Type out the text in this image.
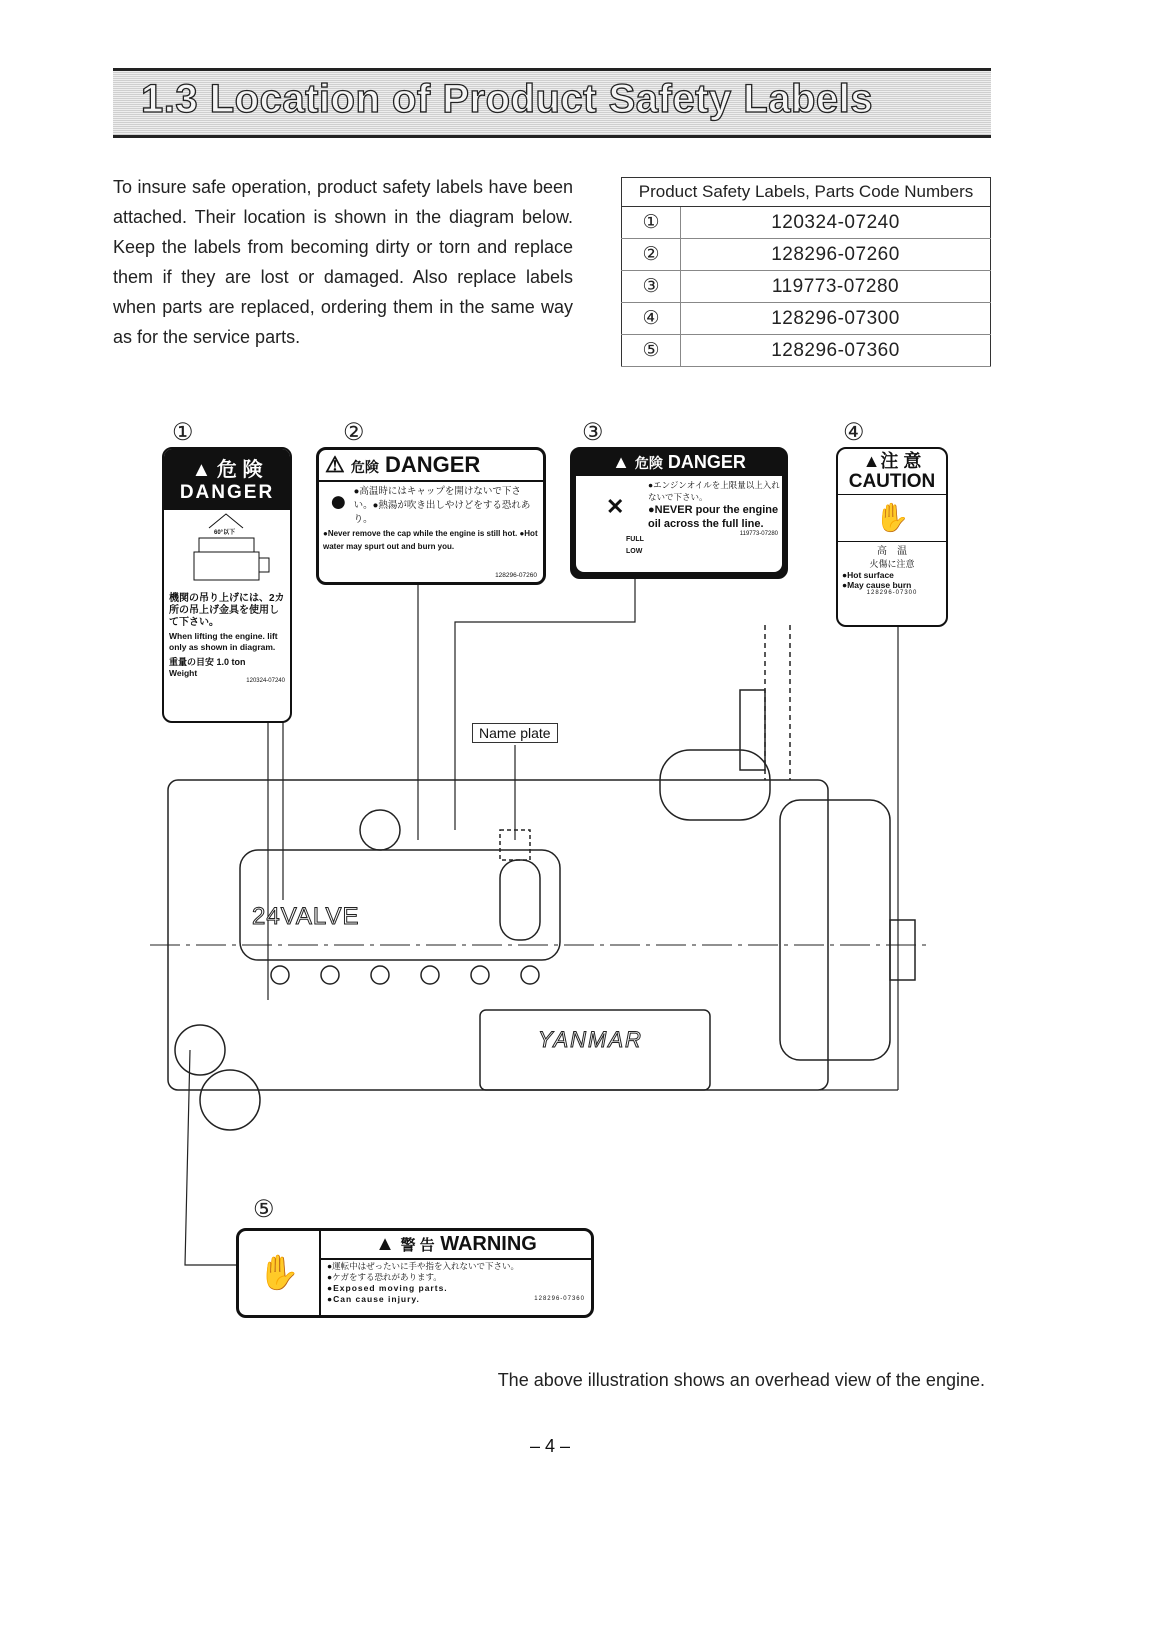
1.3 Location of Product Safety Labels
To insure safe operation, product safety labels have been attached. Their location is shown in the diagram below. Keep the labels from becoming dirty or torn and replace them if they are lost or damaged. Also replace labels when parts are replaced, ordering them in the same way as for the service parts.
Product Safety Labels, Parts Code Numbers	
①	120324-07240
②	128296-07260
③	119773-07280
④	128296-07300
⑤	128296-07360
Name plate
24VALVE
YANMAR
①	②	③	④
⑤
▲ 危 険
DANGER
60°以下
機関の吊り上げには、2カ所の吊上げ金具を使用して下さい。
When lifting the engine. lift only as shown in diagram.
重量の目安 1.0 ton
Weight
120324-07240
⚠ 危険 DANGER
● ●高温時にはキャップを開けないで下さい。●熱湯が吹き出しやけどをする恐れあり。
●Never remove the cap while the engine is still hot. ●Hot water may spurt out and burn you.
128296-07260
▲ 危険 DANGER
✕
FULL
LOW
●エンジンオイルを上限量以上入れないで下さい。
●NEVER pour the engine oil across the full line.
119773-07280
▲注 意
CAUTION
✋
高　温
火傷に注意
●Hot surface
●May cause burn
128296-07300
✋
▲ 警 告 WARNING
●運転中はぜったいに手や指を入れないで下さい。
●ケガをする恐れがあります。
●Exposed moving parts.
●Can cause injury.	128296-07360
The above illustration shows an overhead view of the engine.
– 4 –
